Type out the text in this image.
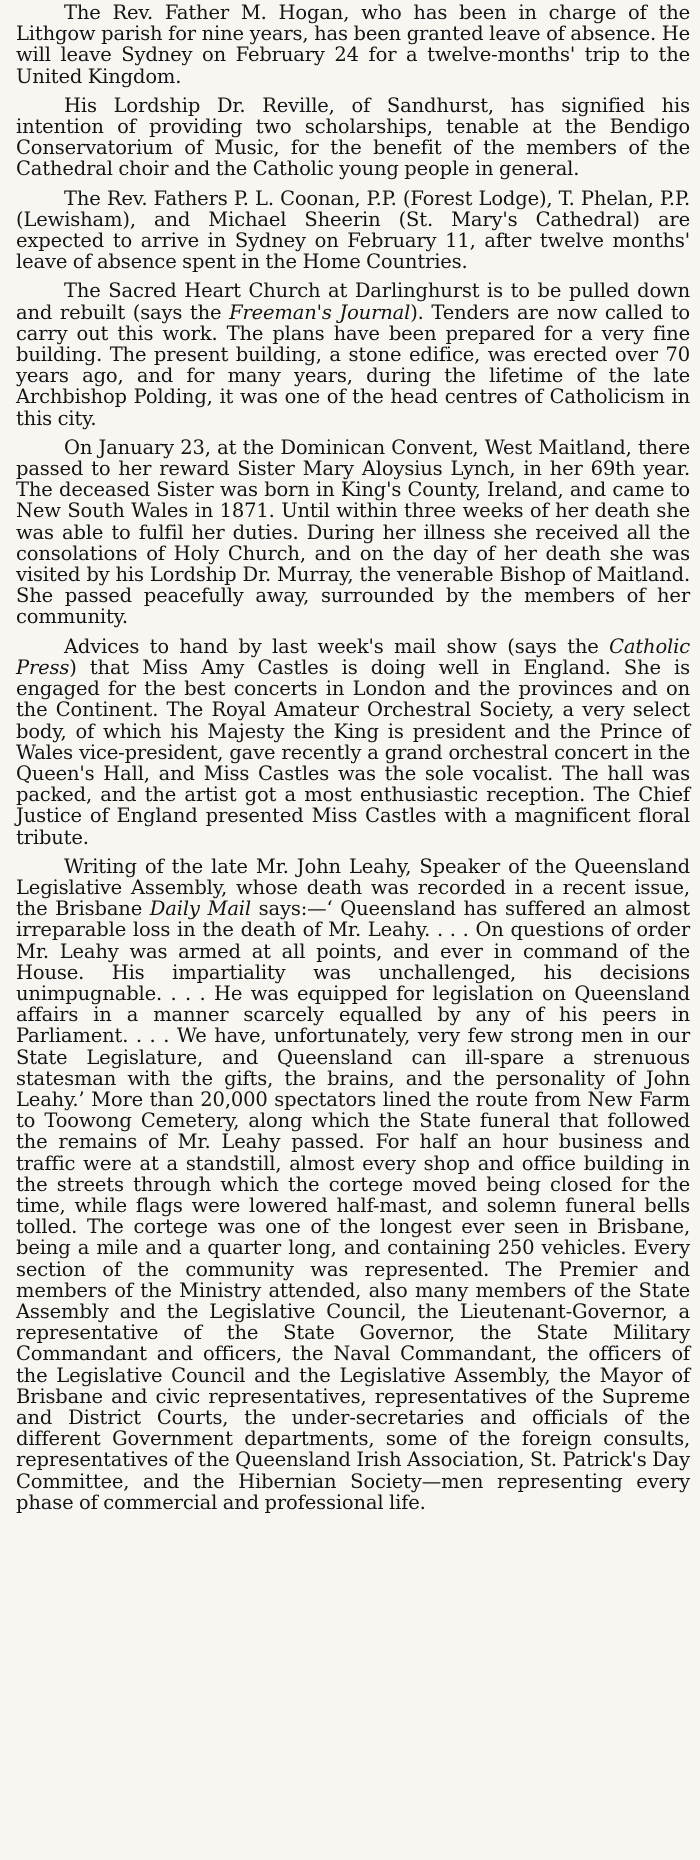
The Rev. Father M. Hogan, who has been in charge of the Lithgow parish for nine years, has been granted leave of absence. He will leave Sydney on February 24 for a twelve-months' trip to the United Kingdom.

His Lordship Dr. Reville, of Sandhurst, has signified his intention of providing two scholarships, tenable at the Bendigo Conservatorium of Music, for the benefit of the members of the Cathedral choir and the Catholic young people in general.

The Rev. Fathers P. L. Coonan, P.P. (Forest Lodge), T. Phelan, P.P. (Lewisham), and Michael Sheerin (St. Mary's Cathedral) are expected to arrive in Sydney on February 11, after twelve months' leave of absence spent in the Home Countries.

The Sacred Heart Church at Darlinghurst is to be pulled down and rebuilt (says the Freeman's Journal). Tenders are now called to carry out this work. The plans have been prepared for a very fine building. The present building, a stone edifice, was erected over 70 years ago, and for many years, during the lifetime of the late Archbishop Polding, it was one of the head centres of Catholicism in this city.

On January 23, at the Dominican Convent, West Maitland, there passed to her reward Sister Mary Aloysius Lynch, in her 69th year. The deceased Sister was born in King's County, Ireland, and came to New South Wales in 1871. Until within three weeks of her death she was able to fulfil her duties. During her illness she received all the consolations of Holy Church, and on the day of her death she was visited by his Lordship Dr. Murray, the venerable Bishop of Maitland. She passed peacefully away, surrounded by the members of her community.

Advices to hand by last week's mail show (says the Catholic Press) that Miss Amy Castles is doing well in England. She is engaged for the best concerts in London and the provinces and on the Continent. The Royal Amateur Orchestral Society, a very select body, of which his Majesty the King is president and the Prince of Wales vice-president, gave recently a grand orchestral concert in the Queen's Hall, and Miss Castles was the sole vocalist. The hall was packed, and the artist got a most enthusiastic reception. The Chief Justice of England presented Miss Castles with a magnificent floral tribute.

Writing of the late Mr. John Leahy, Speaker of the Queensland Legislative Assembly, whose death was recorded in a recent issue, the Brisbane Daily Mail says:—‘ Queensland has suffered an almost irreparable loss in the death of Mr. Leahy. . . . On questions of order Mr. Leahy was armed at all points, and ever in command of the House. His impartiality was unchallenged, his decisions unimpugnable. . . . He was equipped for legislation on Queensland affairs in a manner scarcely equalled by any of his peers in Parliament. . . . We have, unfortunately, very few strong men in our State Legislature, and Queensland can ill-spare a strenuous statesman with the gifts, the brains, and the personality of John Leahy.’ More than 20,000 spectators lined the route from New Farm to Toowong Cemetery, along which the State funeral that followed the remains of Mr. Leahy passed. For half an hour business and traffic were at a standstill, almost every shop and office building in the streets through which the cortege moved being closed for the time, while flags were lowered half-mast, and solemn funeral bells tolled. The cortege was one of the longest ever seen in Brisbane, being a mile and a quarter long, and containing 250 vehicles. Every section of the community was represented. The Premier and members of the Ministry attended, also many members of the State Assembly and the Legislative Council, the Lieutenant-Governor, a representative of the State Governor, the State Military Commandant and officers, the Naval Commandant, the officers of the Legislative Council and the Legislative Assembly, the Mayor of Brisbane and civic representatives, representatives of the Supreme and District Courts, the under-secretaries and officials of the different Government departments, some of the foreign consults, representatives of the Queensland Irish Association, St. Patrick's Day Committee, and the Hibernian Society—men representing every phase of commercial and professional life.
